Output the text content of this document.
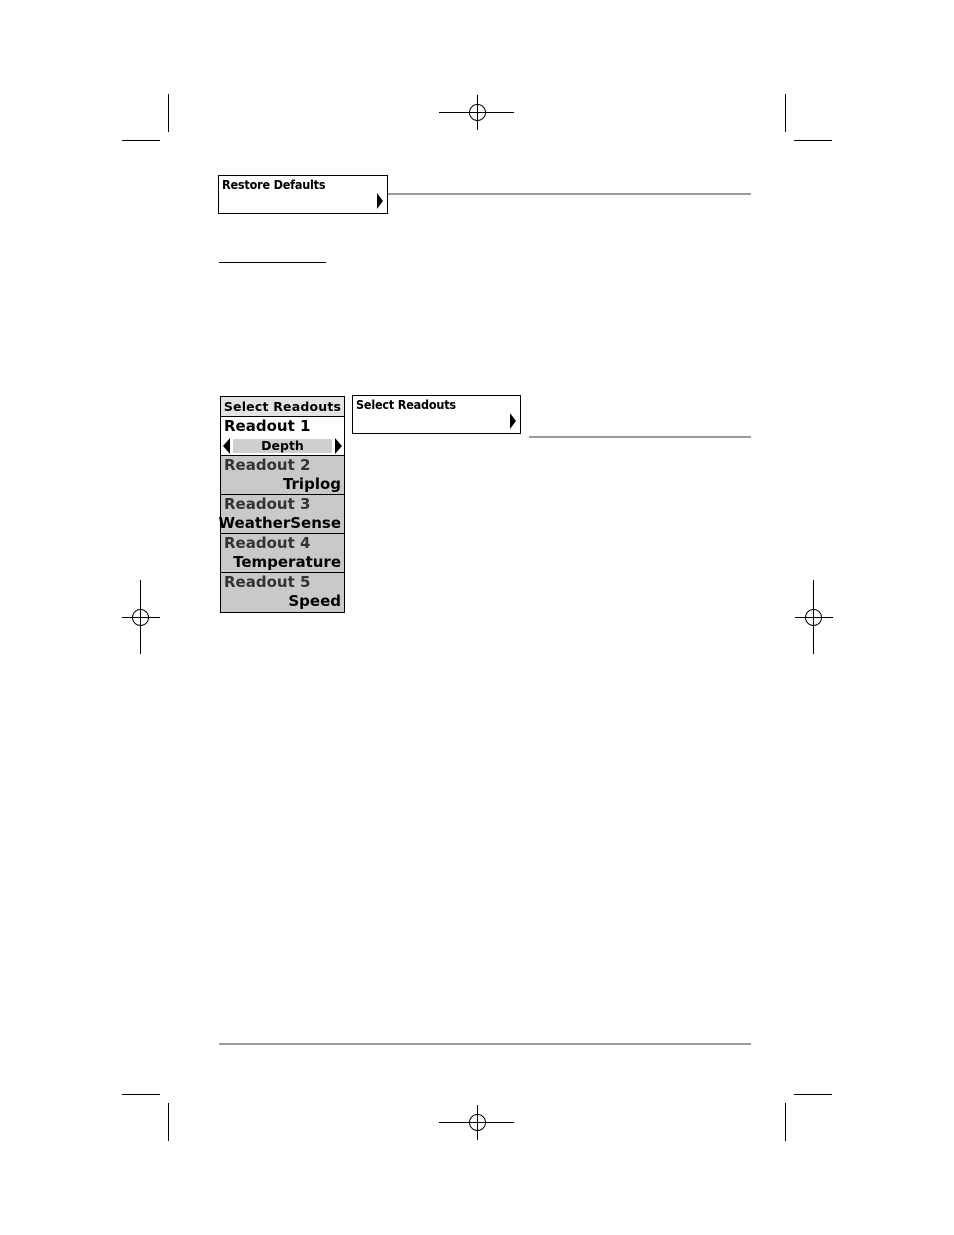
Restore Defaults
Select Readouts
Readout 1
Depth
Readout 2
Triplog
Readout 3
WeatherSense
Readout 4
Temperature
Readout 5
Speed
Select Readouts
